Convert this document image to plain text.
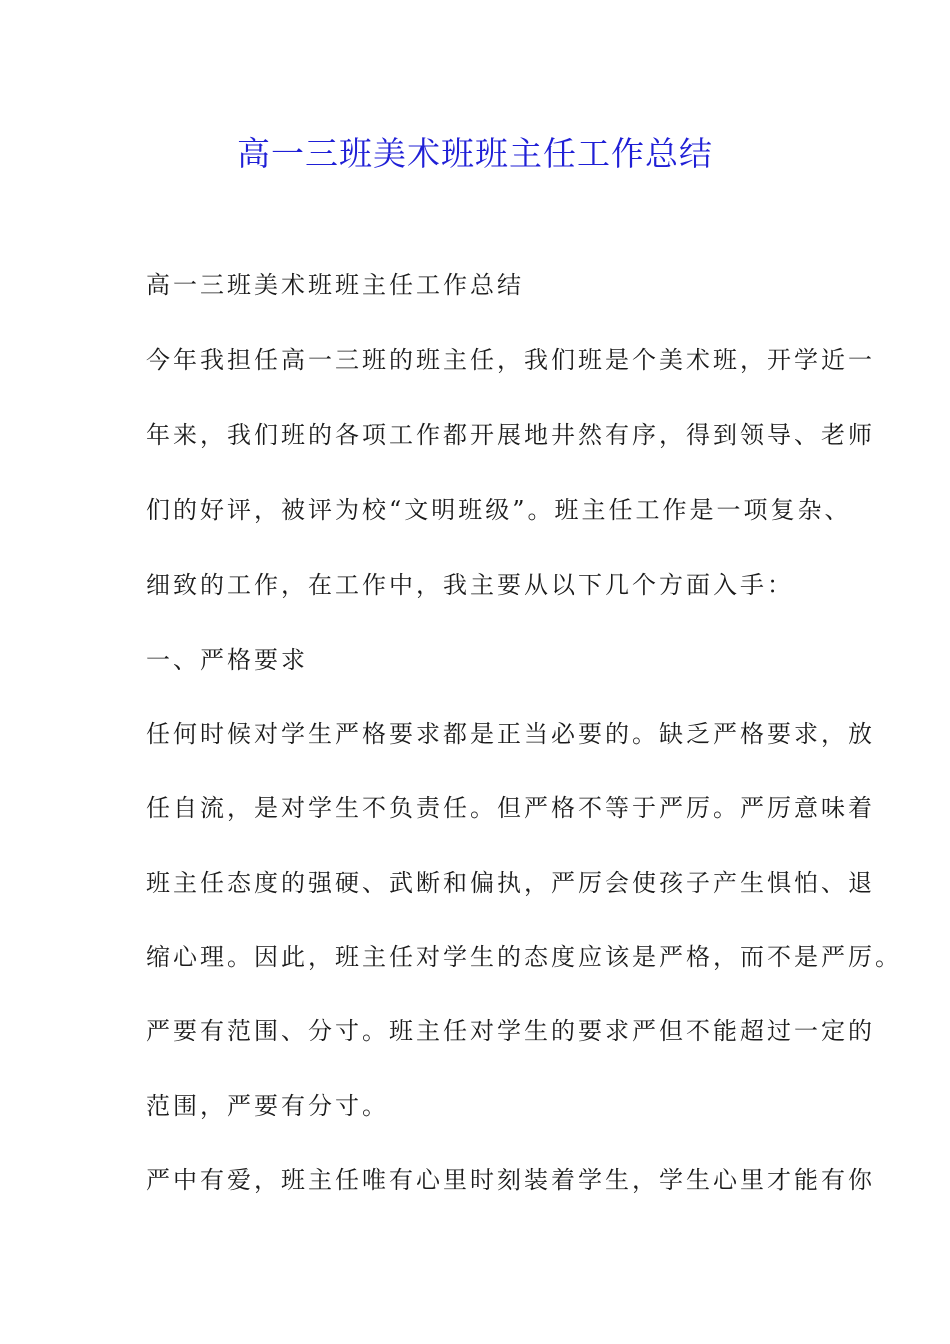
高一三班美术班班主任工作总结
高一三班美术班班主任工作总结
今年我担任高一三班的班主任，我们班是个美术班，开学近一
年来，我们班的各项工作都开展地井然有序，得到领导、老师
们的好评，被评为校“文明班级”。班主任工作是一项复杂、
细致的工作，在工作中，我主要从以下几个方面入手：
一、严格要求
任何时候对学生严格要求都是正当必要的。缺乏严格要求，放
任自流，是对学生不负责任。但严格不等于严厉。严厉意味着
班主任态度的强硬、武断和偏执，严厉会使孩子产生惧怕、退
缩心理。因此，班主任对学生的态度应该是严格，而不是严厉。
严要有范围、分寸。班主任对学生的要求严但不能超过一定的
范围，严要有分寸。
严中有爱，班主任唯有心里时刻装着学生，学生心里才能有你
